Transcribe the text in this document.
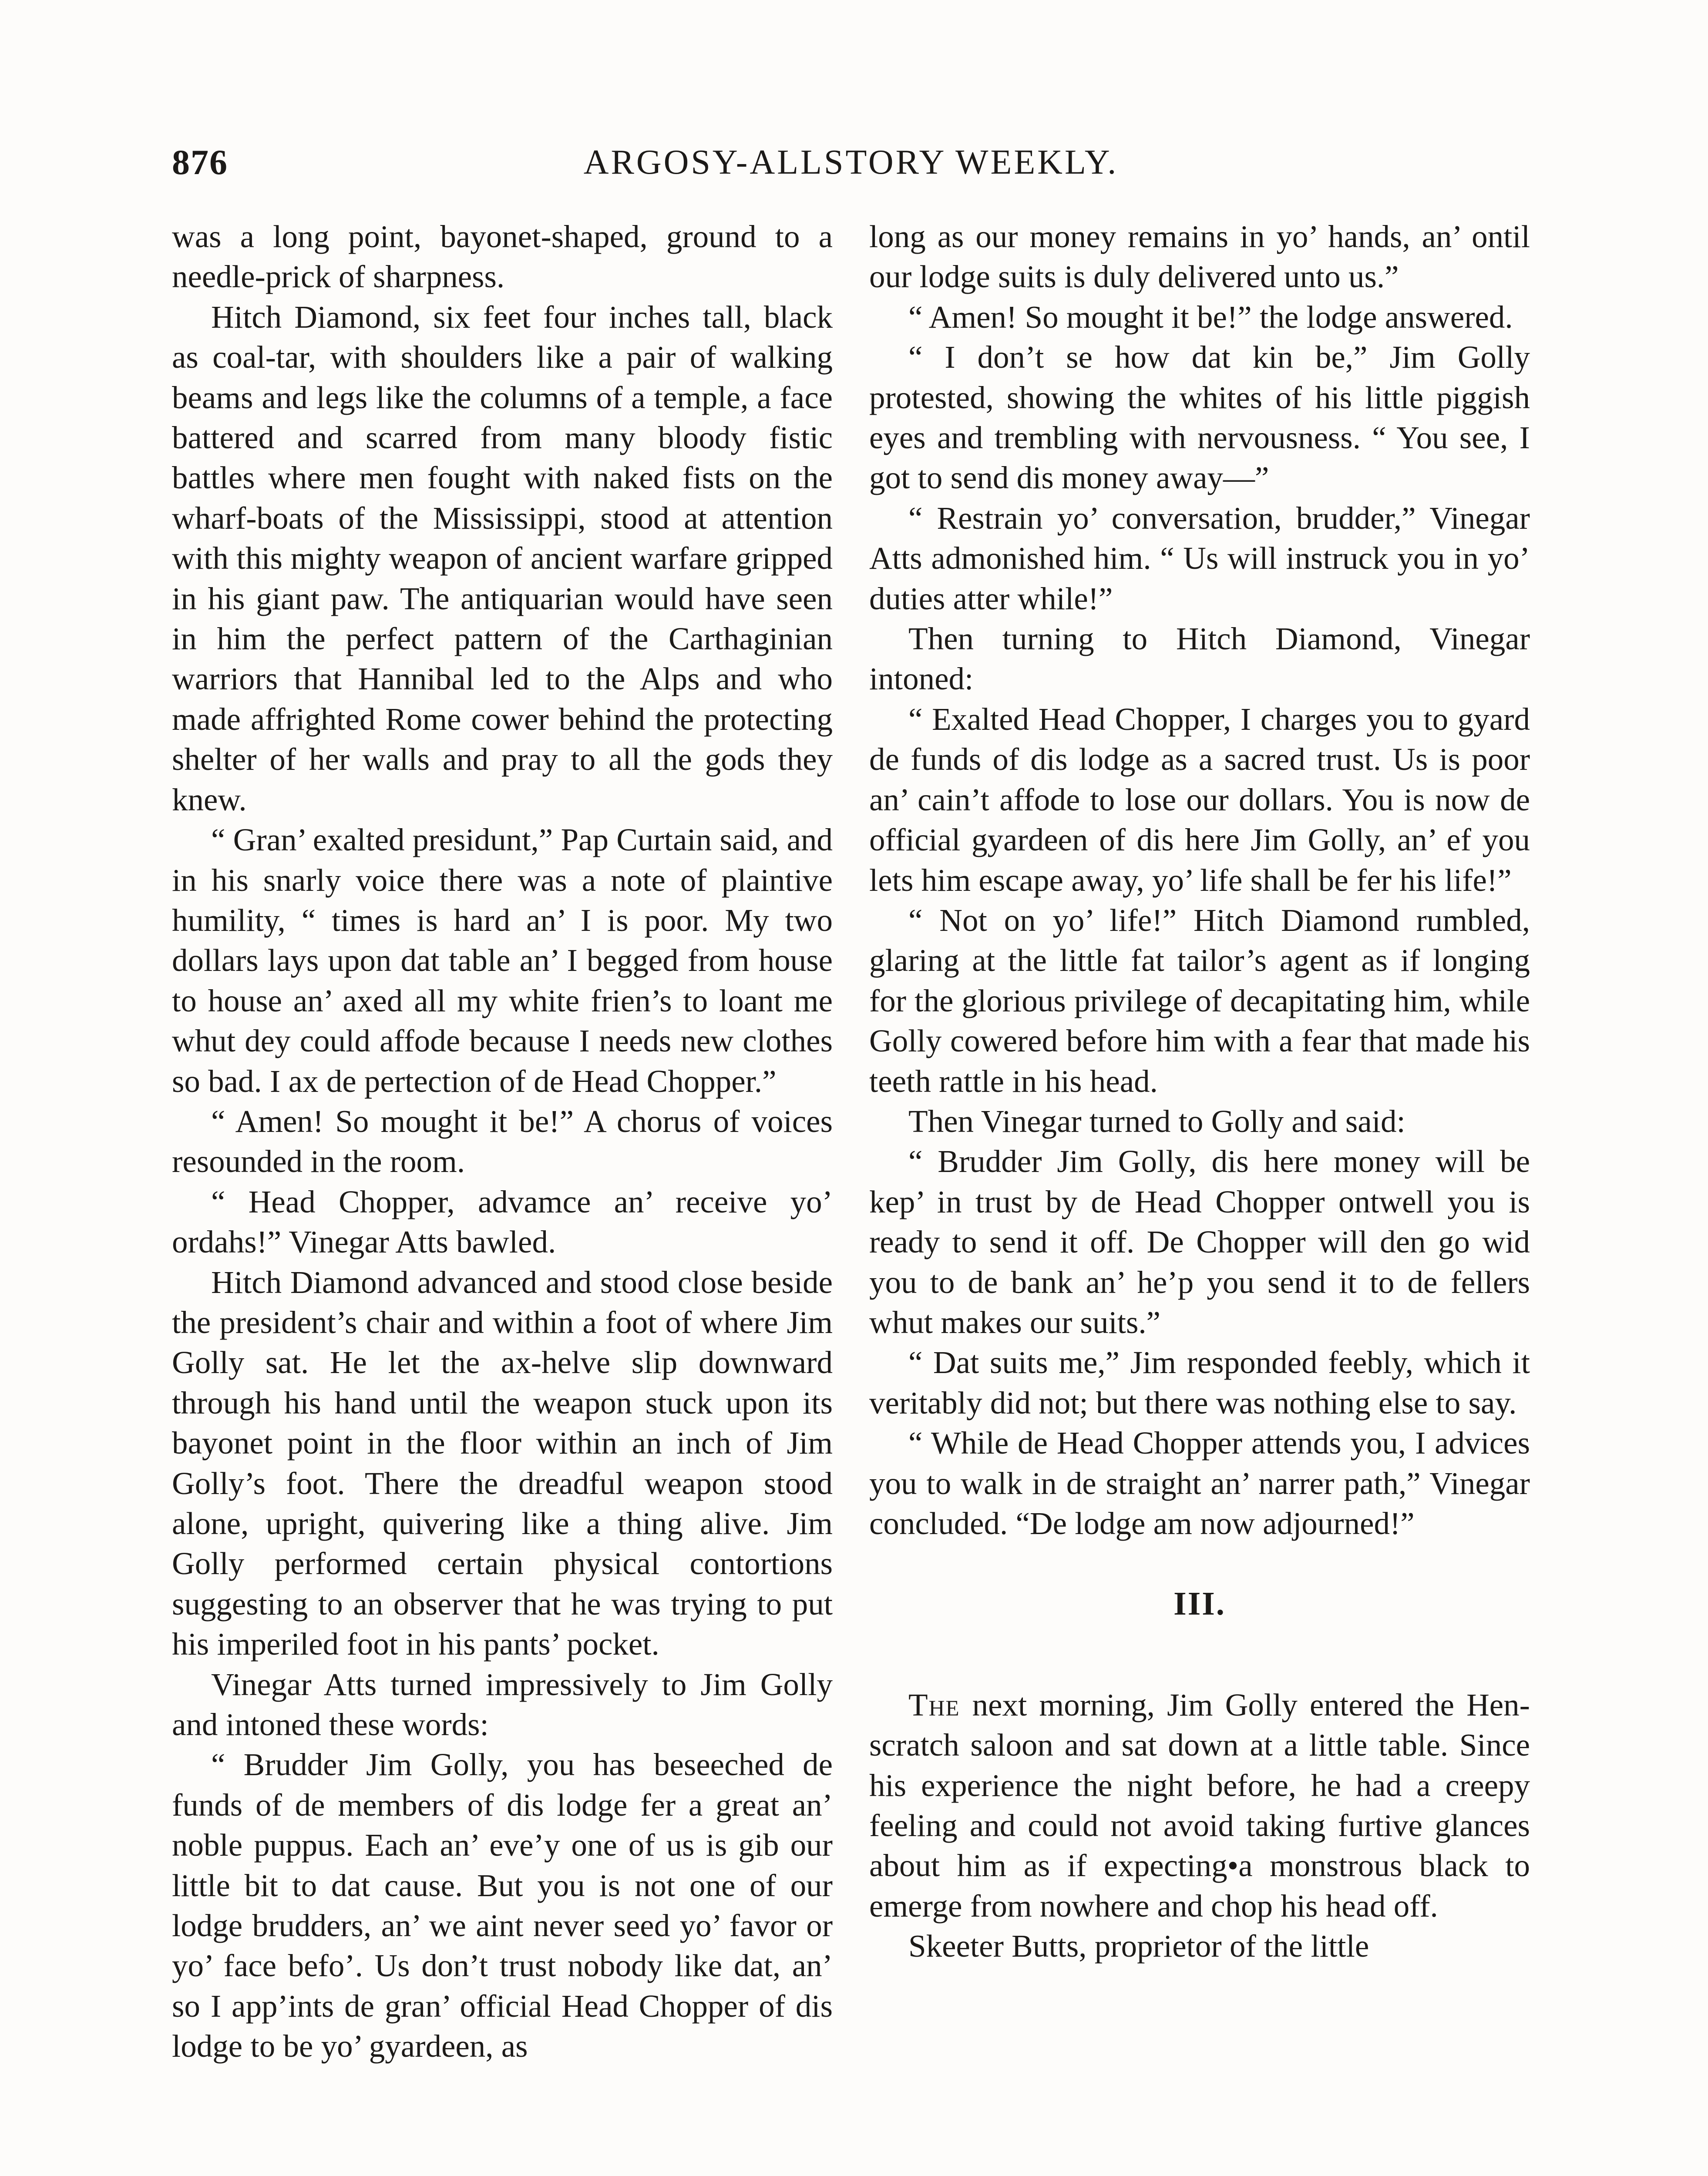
876	ARGOSY-ALLSTORY WEEKLY.

was a long point, bayonet-shaped, ground to a needle-prick of sharpness.

Hitch Diamond, six feet four inches tall, black as coal-tar, with shoulders like a pair of walking beams and legs like the columns of a temple, a face battered and scarred from many bloody fistic battles where men fought with naked fists on the wharf-boats of the Mississippi, stood at attention with this mighty weapon of ancient warfare gripped in his giant paw. The antiquarian would have seen in him the perfect pattern of the Carthaginian warriors that Hannibal led to the Alps and who made affrighted Rome cower behind the protecting shelter of her walls and pray to all the gods they knew.

“ Gran’ exalted presidunt,” Pap Curtain said, and in his snarly voice there was a note of plaintive humility, “ times is hard an’ I is poor. My two dollars lays upon dat table an’ I begged from house to house an’ axed all my white frien’s to loant me whut dey could affode because I needs new clothes so bad. I ax de pertection of de Head Chopper.”

“ Amen! So mought it be!” A chorus of voices resounded in the room.

“ Head Chopper, advamce an’ receive yo’ ordahs!” Vinegar Atts bawled.

Hitch Diamond advanced and stood close beside the president’s chair and within a foot of where Jim Golly sat. He let the ax-helve slip downward through his hand until the weapon stuck upon its bayonet point in the floor within an inch of Jim Golly’s foot. There the dreadful weapon stood alone, upright, quivering like a thing alive. Jim Golly performed certain physical contortions suggesting to an observer that he was trying to put his imperiled foot in his pants’ pocket.

Vinegar Atts turned impressively to Jim Golly and intoned these words:

“ Brudder Jim Golly, you has beseeched de funds of de members of dis lodge fer a great an’ noble puppus. Each an’ eve’y one of us is gib our little bit to dat cause. But you is not one of our lodge brudders, an’ we aint never seed yo’ favor or yo’ face befo’. Us don’t trust nobody like dat, an’ so I app’ints de gran’ official Head Chopper of dis lodge to be yo’ gyardeen, as

long as our money remains in yo’ hands, an’ ontil our lodge suits is duly delivered unto us.”

“ Amen! So mought it be!” the lodge answered.

“ I don’t se how dat kin be,” Jim Golly protested, showing the whites of his little piggish eyes and trembling with nervousness. “ You see, I got to send dis money away—”

“ Restrain yo’ conversation, brudder,” Vinegar Atts admonished him. “ Us will instruck you in yo’ duties atter while!”

Then turning to Hitch Diamond, Vinegar intoned:

“ Exalted Head Chopper, I charges you to gyard de funds of dis lodge as a sacred trust. Us is poor an’ cain’t affode to lose our dollars. You is now de official gyardeen of dis here Jim Golly, an’ ef you lets him escape away, yo’ life shall be fer his life!”

“ Not on yo’ life!” Hitch Diamond rumbled, glaring at the little fat tailor’s agent as if longing for the glorious privilege of decapitating him, while Golly cowered before him with a fear that made his teeth rattle in his head.

Then Vinegar turned to Golly and said:

“ Brudder Jim Golly, dis here money will be kep’ in trust by de Head Chopper ontwell you is ready to send it off. De Chopper will den go wid you to de bank an’ he’p you send it to de fellers whut makes our suits.”

“ Dat suits me,” Jim responded feebly, which it veritably did not; but there was nothing else to say.

“ While de Head Chopper attends you, I advices you to walk in de straight an’ narrer path,” Vinegar concluded. “De lodge am now adjourned!”

III.

The next morning, Jim Golly entered the Hen-scratch saloon and sat down at a little table. Since his experience the night before, he had a creepy feeling and could not avoid taking furtive glances about him as if expecting•a monstrous black to emerge from nowhere and chop his head off.

Skeeter Butts, proprietor of the little
